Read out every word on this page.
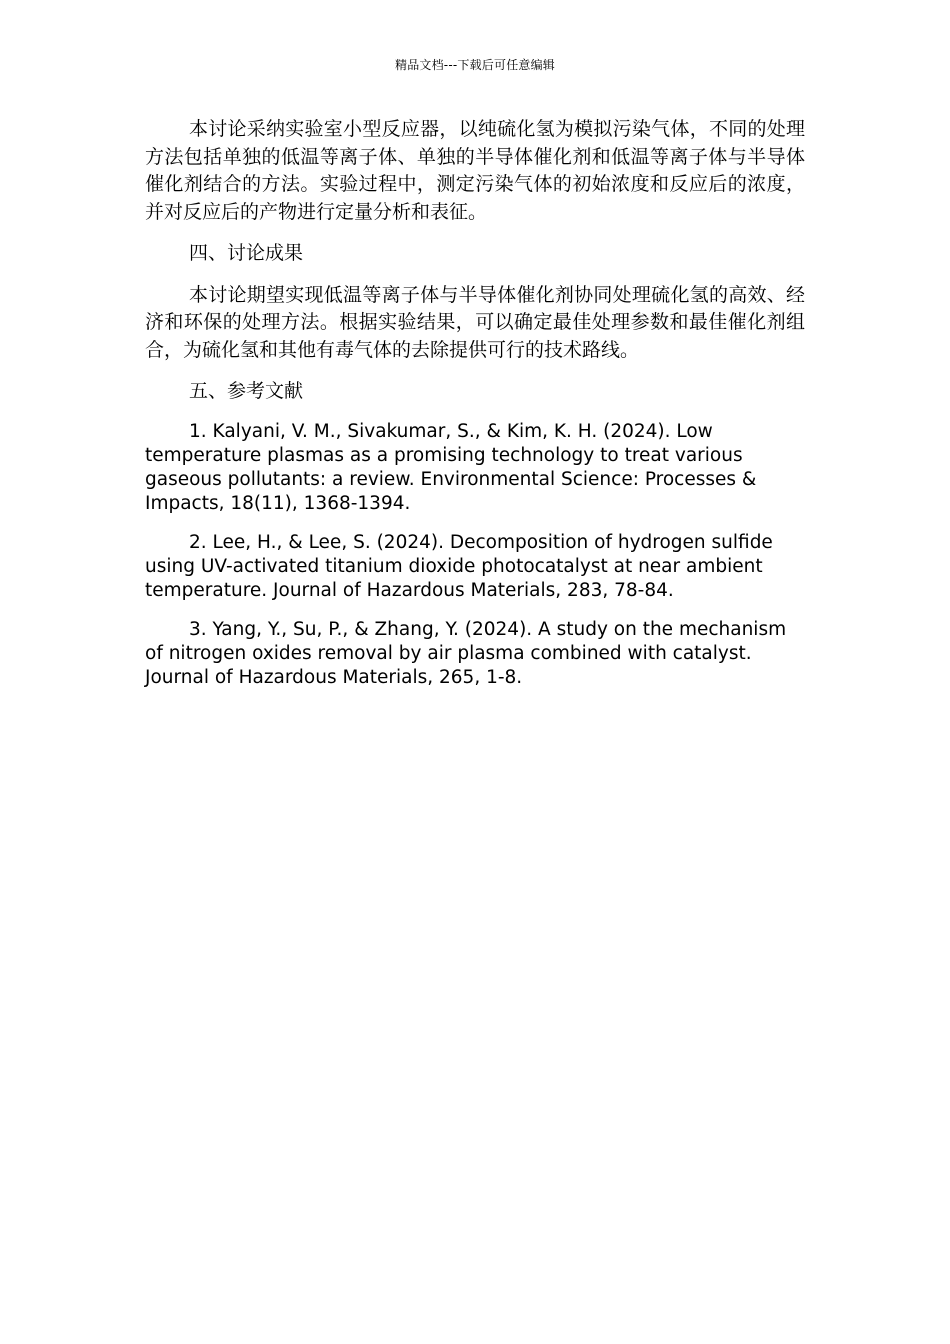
精品文档---下载后可任意编辑

本讨论采纳实验室小型反应器，以纯硫化氢为模拟污染气体，不同的处理方法包括单独的低温等离子体、单独的半导体催化剂和低温等离子体与半导体催化剂结合的方法。实验过程中，测定污染气体的初始浓度和反应后的浓度，并对反应后的产物进行定量分析和表征。

四、讨论成果

本讨论期望实现低温等离子体与半导体催化剂协同处理硫化氢的高效、经济和环保的处理方法。根据实验结果，可以确定最佳处理参数和最佳催化剂组合，为硫化氢和其他有毒气体的去除提供可行的技术路线。

五、参考文献

1. Kalyani, V. M., Sivakumar, S., & Kim, K. H. (2024). Low temperature plasmas as a promising technology to treat various gaseous pollutants: a review. Environmental Science: Processes & Impacts, 18(11), 1368-1394.

2. Lee, H., & Lee, S. (2024). Decomposition of hydrogen sulfide using UV-activated titanium dioxide photocatalyst at near ambient temperature. Journal of Hazardous Materials, 283, 78-84.

3. Yang, Y., Su, P., & Zhang, Y. (2024). A study on the mechanism of nitrogen oxides removal by air plasma combined with catalyst. Journal of Hazardous Materials, 265, 1-8.
